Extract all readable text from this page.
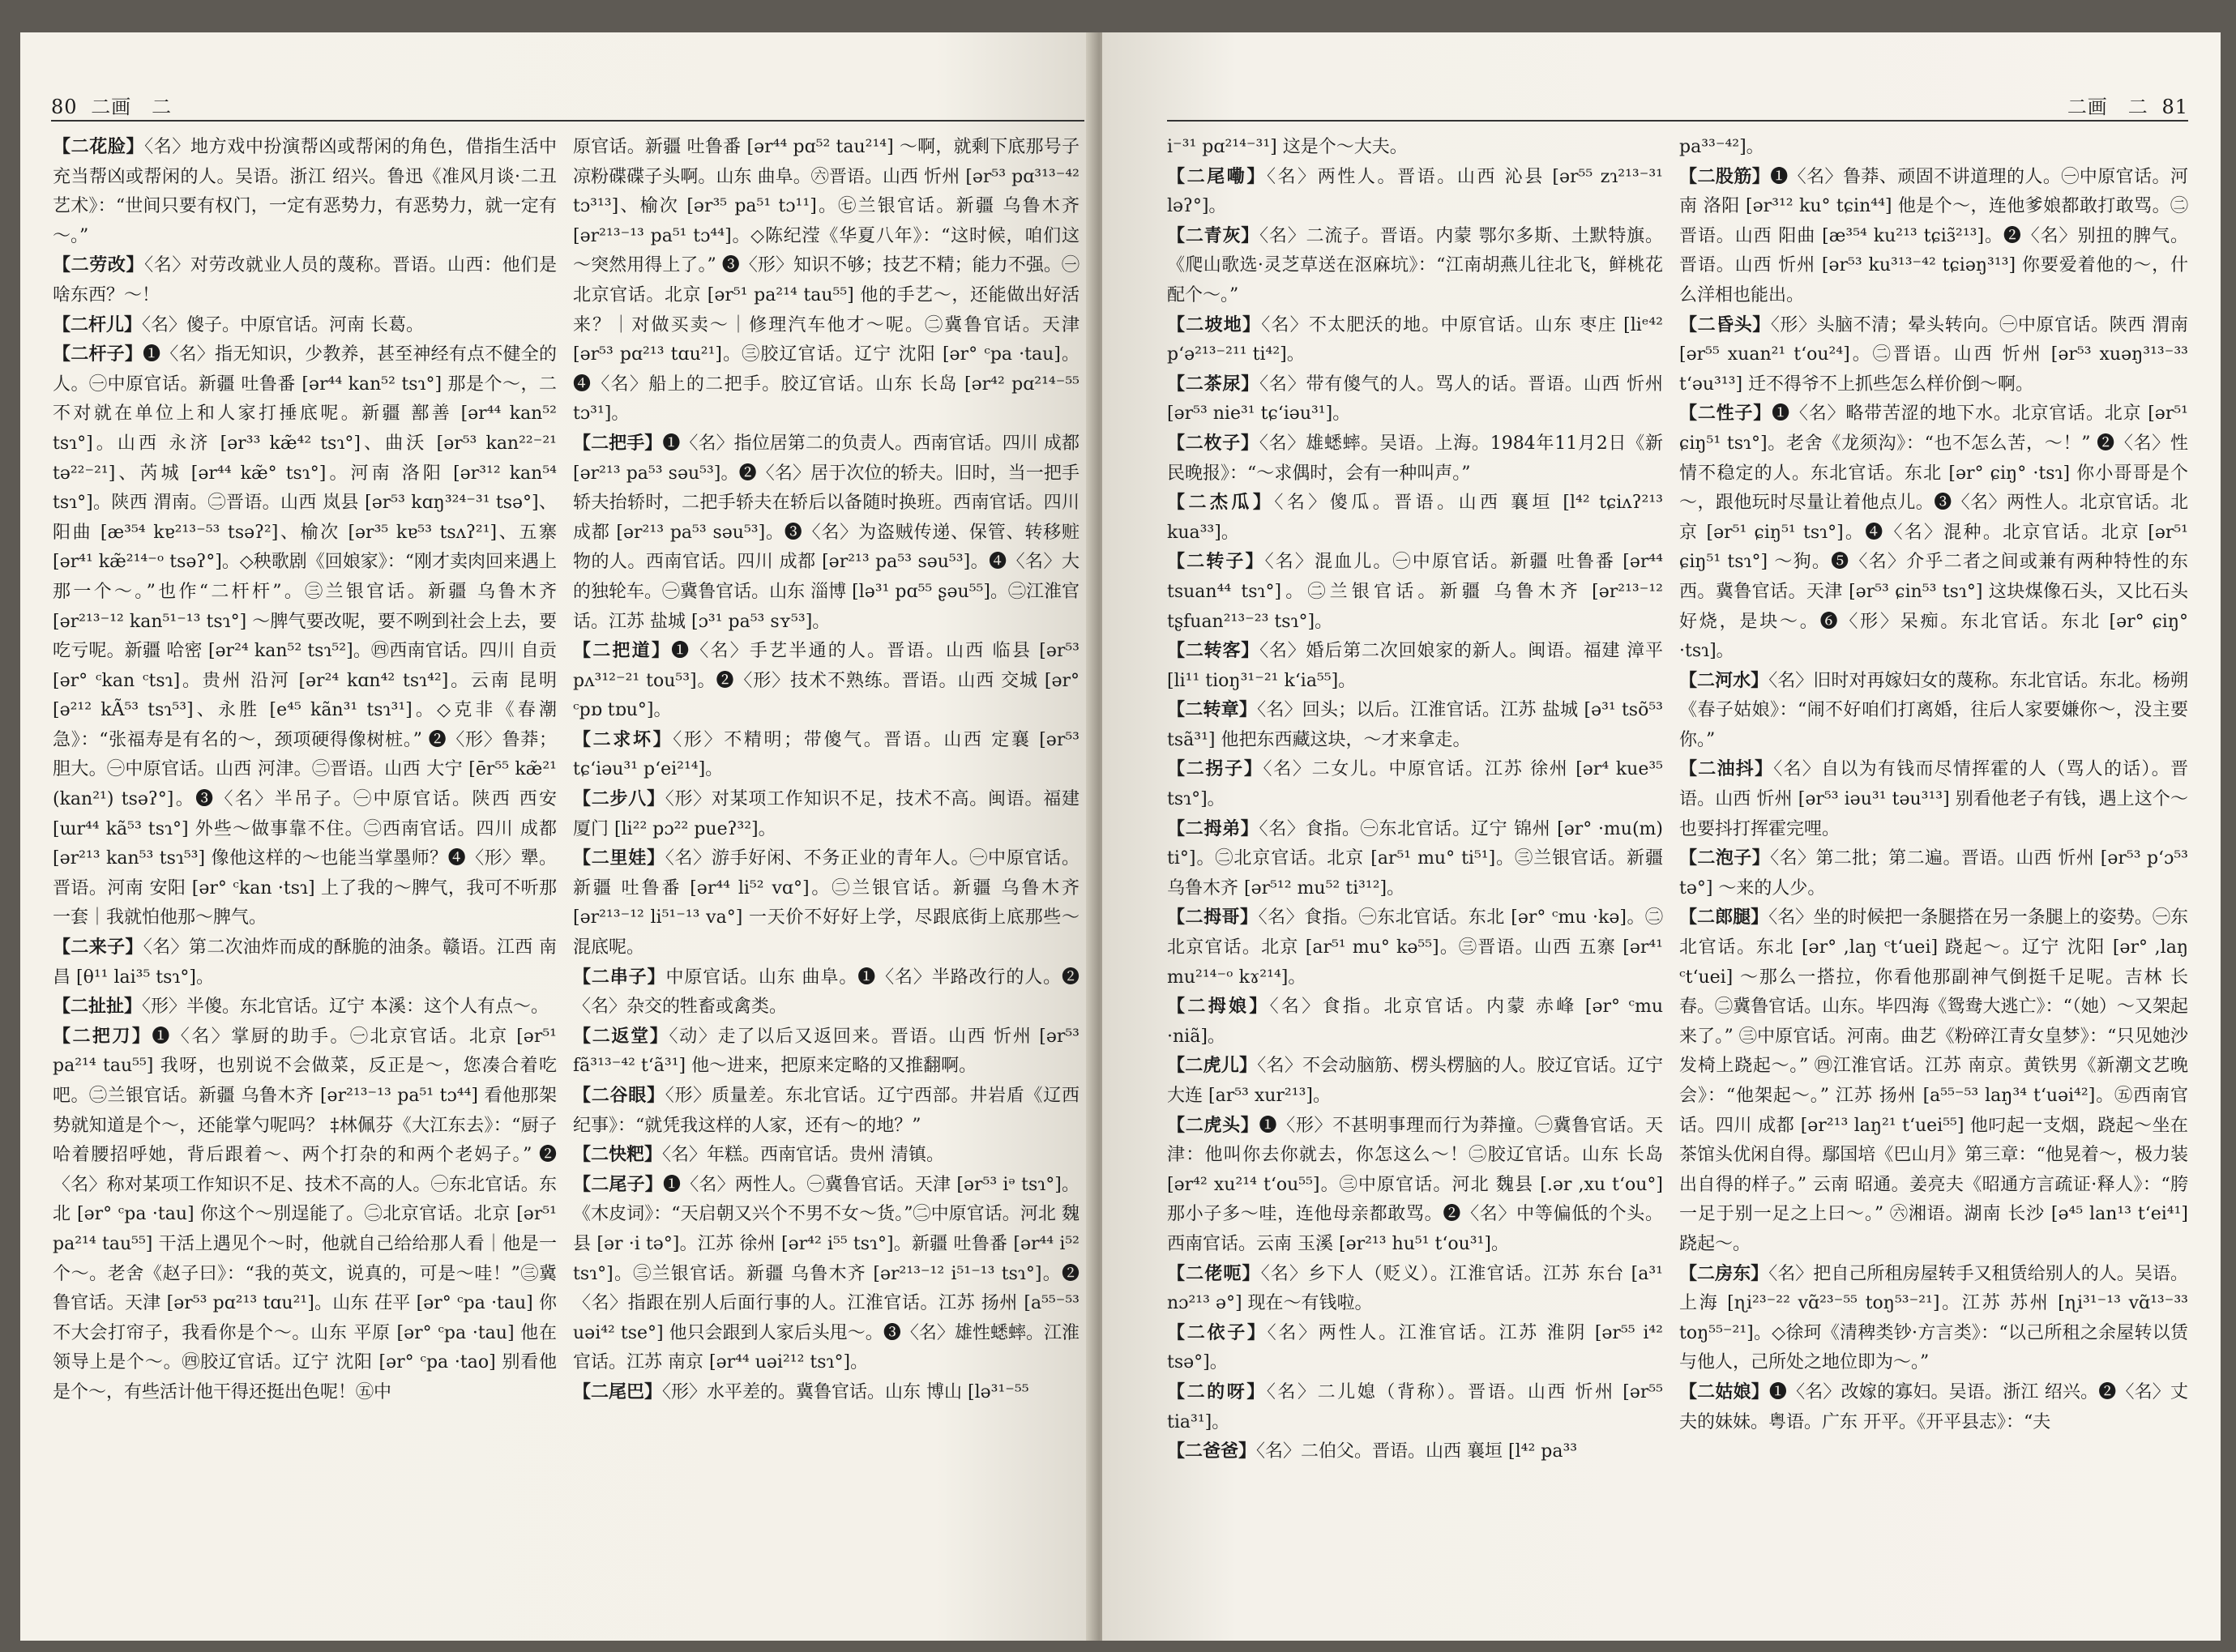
80 二画　二

【二花脸】〈名〉地方戏中扮演帮凶或帮闲的角色，借指生活中充当帮凶或帮闲的人。吴语。浙江 绍兴。鲁迅《准风月谈·二丑艺术》：“世间只要有权门，一定有恶势力，有恶势力，就一定有～。”

【二劳改】〈名〉对劳改就业人员的蔑称。晋语。山西：他们是啥东西？～！

【二杆儿】〈名〉傻子。中原官话。河南 长葛。

【二杆子】❶〈名〉指无知识，少教养，甚至神经有点不健全的人。㊀中原官话。新疆 吐鲁番 [ər⁴⁴ kan⁵² tsɿ°] 那是个～，二不对就在单位上和人家打捶底呢。新疆 鄯善 [ər⁴⁴ kan⁵² tsɿ°]。山西 永济 [ər³³ kæ̃⁴² tsɿ°]、曲沃 [ər⁵³ kan²²⁻²¹ tə²²⁻²¹]、芮城 [ər⁴⁴ kæ̃° tsɿ°]。河南 洛阳 [ər³¹² kan⁵⁴ tsɿ°]。陕西 渭南。㊁晋语。山西 岚县 [ər⁵³ kɑŋ³²⁴⁻³¹ tsə°]、阳曲 [æ³⁵⁴ kɐ²¹³⁻⁵³ tsəʔ²]、榆次 [ər³⁵ kɐ⁵³ tsʌʔ²¹]、五寨 [ər⁴¹ kæ̃²¹⁴⁻ᵒ tsəʔ°]。◇秧歌剧《回娘家》：“刚才卖肉回来遇上那一个～。”也作“二杆杆”。㊂兰银官话。新疆 乌鲁木齐 [ər²¹³⁻¹² kan⁵¹⁻¹³ tsɿ°] ～脾气要改呢，要不咧到社会上去，要吃亏呢。新疆 哈密 [ər²⁴ kan⁵² tsɿ⁵²]。㊃西南官话。四川 自贡 [ər° ᶜkan ᶜtsɿ]。贵州 沿河 [ər²⁴ kɑn⁴² tsɿ⁴²]。云南 昆明 [ə²¹² kÃ⁵³ tsɿ⁵³]、永胜 [e⁴⁵ kãn³¹ tsɿ³¹]。◇克非《春潮急》：“张福寿是有名的～，颈项硬得像树桩。” ❷〈形〉鲁莽；胆大。㊀中原官话。山西 河津。㊁晋语。山西 大宁 [ēr⁵⁵ kæ̃²¹ (kan²¹) tsəʔ°]。❸〈名〉半吊子。㊀中原官话。陕西 西安 [ɯr⁴⁴ kã⁵³ tsɿ°] 外些～做事靠不住。㊁西南官话。四川 成都 [ər²¹³ kan⁵³ tsɿ⁵³] 像他这样的～也能当掌墨师？❹〈形〉犟。晋语。河南 安阳 [ər° ᶜkan ·tsɿ] 上了我的～脾气，我可不听那一套｜我就怕他那～脾气。

【二来子】〈名〉第二次油炸而成的酥脆的油条。赣语。江西 南昌 [θ¹¹ lai³⁵ tsɿ°]。

【二扯扯】〈形〉半傻。东北官话。辽宁 本溪：这个人有点～。

【二把刀】❶〈名〉掌厨的助手。㊀北京官话。北京 [ər⁵¹ pa²¹⁴ tau⁵⁵] 我呀，也别说不会做菜，反正是～，您凑合着吃吧。㊁兰银官话。新疆 乌鲁木齐 [ər²¹³⁻¹³ pa⁵¹ tɔ⁴⁴] 看他那架势就知道是个～，还能掌勺呢吗？ ‡林佩芬《大江东去》：“厨子哈着腰招呼她，背后跟着～、两个打杂的和两个老妈子。” ❷〈名〉称对某项工作知识不足、技术不高的人。㊀东北官话。东北 [ər° ᶜpa ·tau] 你这个～別逞能了。㊁北京官话。北京 [ər⁵¹ pa²¹⁴ tau⁵⁵] 干活上遇见个～时，他就自己给给那人看｜他是一个～。老舍《赵子曰》：“我的英文，说真的，可是～哇！”㊂冀鲁官话。天津 [ər⁵³ pɑ²¹³ tɑu²¹]。山东 茌平 [ər° ᶜpa ·tau] 你不大会打帘子，我看你是个～。山东 平原 [ər° ᶜpa ·tau] 他在领导上是个～。㊃胶辽官话。辽宁 沈阳 [ər° ᶜpa ·tao] 别看他是个～，有些活计他干得还挺出色呢！㊄中

原官话。新疆 吐鲁番 [ər⁴⁴ pɑ⁵² tau²¹⁴] ～啊，就剩下底那号子凉粉碟碟子头啊。山东 曲阜。㊅晋语。山西 忻州 [ər⁵³ pɑ³¹³⁻⁴² tɔ³¹³]、榆次 [ər³⁵ pa⁵¹ tɔ¹¹]。㊆兰银官话。新疆 乌鲁木齐 [ər²¹³⁻¹³ pa⁵¹ tɔ⁴⁴]。◇陈纪滢《华夏八年》：“这时候，咱们这～突然用得上了。” ❸〈形〉知识不够；技艺不精；能力不强。㊀北京官话。北京 [ər⁵¹ pa²¹⁴ tau⁵⁵] 他的手艺～，还能做出好活来？｜对做买卖～｜修理汽车他才～呢。㊁冀鲁官话。天津 [ər⁵³ pɑ²¹³ tɑu²¹]。㊂胶辽官话。辽宁 沈阳 [ər° ᶜpa ·tau]。❹〈名〉船上的二把手。胶辽官话。山东 长岛 [ər⁴² pɑ²¹⁴⁻⁵⁵ tɔ³¹]。

【二把手】❶〈名〉指位居第二的负责人。西南官话。四川 成都 [ər²¹³ pa⁵³ səu⁵³]。❷〈名〉居于次位的轿夫。旧时，当一把手轿夫抬轿时，二把手轿夫在轿后以备随时换班。西南官话。四川 成都 [ər²¹³ pa⁵³ səu⁵³]。❸〈名〉为盗贼传递、保管、转移赃物的人。西南官话。四川 成都 [ər²¹³ pa⁵³ səu⁵³]。❹〈名〉大的独轮车。㊀冀鲁官话。山东 淄博 [lə³¹ pɑ⁵⁵ ʂəu⁵⁵]。㊁江淮官话。江苏 盐城 [ɔ³¹ pa⁵³ sʏ⁵³]。

【二把道】❶〈名〉手艺半通的人。晋语。山西 临县 [ər⁵³ pʌ³¹²⁻²¹ tou⁵³]。❷〈形〉技术不熟练。晋语。山西 交城 [ər° ᶜpɒ tɒu°]。

【二求坏】〈形〉不精明；带傻气。晋语。山西 定襄 [ər⁵³ tɕʻiəu³¹ pʻei²¹⁴]。

【二步八】〈形〉对某项工作知识不足，技术不高。闽语。福建 厦门 [li²² pɔ²² pueʔ³²]。

【二里娃】〈名〉游手好闲、不务正业的青年人。㊀中原官话。新疆 吐鲁番 [ər⁴⁴ li⁵² vɑ°]。㊁兰银官话。新疆 乌鲁木齐 [ər²¹³⁻¹² li⁵¹⁻¹³ va°] 一天价不好好上学，尽跟底街上底那些～混底呢。

【二串子】中原官话。山东 曲阜。❶〈名〉半路改行的人。❷〈名〉杂交的牲畜或禽类。

【二返堂】〈动〉走了以后又返回来。晋语。山西 忻州 [ər⁵³ fã³¹³⁻⁴² tʻã³¹] 他～进来，把原来定略的又推翻啊。

【二谷眼】〈形〉质量差。东北官话。辽宁西部。井岩盾《辽西纪事》：“就凭我这样的人家，还有～的地？”

【二快粑】〈名〉年糕。西南官话。贵州 清镇。

【二尾子】❶〈名〉两性人。㊀冀鲁官话。天津 [ər⁵³ iᵊ tsɿ°]。《木皮词》：“天启朝又兴个不男不女～货。”㊁中原官话。河北 魏县 [ər ·i tə°]。江苏 徐州 [ər⁴² i⁵⁵ tsɿ°]。新疆 吐鲁番 [ər⁴⁴ i⁵² tsɿ°]。㊂兰银官话。新疆 乌鲁木齐 [ər²¹³⁻¹² i⁵¹⁻¹³ tsɿ°]。❷〈名〉指跟在别人后面行事的人。江淮官话。江苏 扬州 [a⁵⁵⁻⁵³ uəi⁴² tse°] 他只会跟到人家后头甩～。❸〈名〉雄性蟋蟀。江淮官话。江苏 南京 [ər⁴⁴ uəi²¹² tsɿ°]。

【二尾巴】〈形〉水平差的。冀鲁官话。山东 博山 [lə³¹⁻⁵⁵

二画　二 81

i⁻³¹ pɑ²¹⁴⁻³¹] 这是个～大夫。

【二尾嘞】〈名〉两性人。晋语。山西 沁县 [ər⁵⁵ zɿ²¹³⁻³¹ ləʔ°]。

【二青灰】〈名〉二流子。晋语。内蒙 鄂尔多斯、土默特旗。《爬山歌选·灵芝草送在沤麻坑》：“江南胡燕儿往北飞，鲜桃花配个～。”

【二坡地】〈名〉不太肥沃的地。中原官话。山东 枣庄 [liᵉ⁴² pʻə²¹³⁻²¹¹ ti⁴²]。

【二茶尿】〈名〉带有傻气的人。骂人的话。晋语。山西 忻州 [ər⁵³ nie³¹ tɕʻiəu³¹]。

【二枚子】〈名〉雄蟋蟀。吴语。上海。1984年11月2日《新民晚报》：“～求偶时，会有一种叫声。”

【二杰瓜】〈名〉傻瓜。晋语。山西 襄垣 [l⁴² tɕiʌʔ²¹³ kua³³]。

【二转子】〈名〉混血儿。㊀中原官话。新疆 吐鲁番 [ər⁴⁴ tsuan⁴⁴ tsɿ°]。㊁兰银官话。新疆 乌鲁木齐 [ər²¹³⁻¹² tʂfuan²¹³⁻²³ tsɿ°]。

【二转客】〈名〉婚后第二次回娘家的新人。闽语。福建 漳平 [li¹¹ tioŋ³¹⁻²¹ kʻia⁵⁵]。

【二转章】〈名〉回头；以后。江淮官话。江苏 盐城 [ə³¹ tsõ⁵³ tsã³¹] 他把东西藏这块，～才来拿走。

【二拐子】〈名〉二女儿。中原官话。江苏 徐州 [ər⁴ kue³⁵ tsɿ°]。

【二拇弟】〈名〉食指。㊀东北官话。辽宁 锦州 [ər° ·mu(m) ti°]。㊁北京官话。北京 [ar⁵¹ mu° ti⁵¹]。㊂兰银官话。新疆 乌鲁木齐 [ər⁵¹² mu⁵² ti³¹²]。

【二拇哥】〈名〉食指。㊀东北官话。东北 [ər° ᶜmu ·kə]。㊁北京官话。北京 [ar⁵¹ mu° kə⁵⁵]。㊂晋语。山西 五寨 [ər⁴¹ mu²¹⁴⁻ᵒ kɤ²¹⁴]。

【二拇娘】〈名〉食指。北京官话。内蒙 赤峰 [ər° ᶜmu ·niã]。

【二虎儿】〈名〉不会动脑筋、楞头楞脑的人。胶辽官话。辽宁 大连 [ar⁵³ xur²¹³]。

【二虎头】❶〈形〉不甚明事理而行为莽撞。㊀冀鲁官话。天津：他叫你去你就去，你怎这么～！㊁胶辽官话。山东 长岛 [ər⁴² xu²¹⁴ tʻou⁵⁵]。㊂中原官话。河北 魏县 [.ər ,xu tʻou°] 那小子多～哇，连他母亲都敢骂。❷〈名〉中等偏低的个头。西南官话。云南 玉溪 [ər²¹³ hu⁵¹ tʻou³¹]。

【二佬呃】〈名〉乡下人（贬义）。江淮官话。江苏 东台 [a³¹ nɔ²¹³ ə°] 现在～有钱啦。

【二依子】〈名〉两性人。江淮官话。江苏 淮阴 [ər⁵⁵ i⁴² tsə°]。

【二的呀】〈名〉二儿媳（背称）。晋语。山西 忻州 [ər⁵⁵ tia³¹]。

【二爸爸】〈名〉二伯父。晋语。山西 襄垣 [l⁴² pa³³

pa³³⁻⁴²]。

【二股筋】❶〈名〉鲁莽、顽固不讲道理的人。㊀中原官话。河南 洛阳 [ər³¹² ku° tɕin⁴⁴] 他是个～，连他爹娘都敢打敢骂。㊁晋语。山西 阳曲 [æ³⁵⁴ ku²¹³ tɕiɜ̃²¹³]。❷〈名〉别扭的脾气。晋语。山西 忻州 [ər⁵³ ku³¹³⁻⁴² tɕiəŋ³¹³] 你要爱着他的～，什么洋相也能出。

【二昏头】〈形〉头脑不清；晕头转向。㊀中原官话。陕西 渭南 [ər⁵⁵ xuan²¹ tʻou²⁴]。㊁晋语。山西 忻州 [ər⁵³ xuəŋ³¹³⁻³³ tʻəu³¹³] 迁不得爷不上抓些怎么样价倒～啊。

【二性子】❶〈名〉略带苦涩的地下水。北京官话。北京 [ər⁵¹ ɕiŋ⁵¹ tsɿ°]。老舍《龙须沟》：“也不怎么苦，～！” ❷〈名〉性情不稳定的人。东北官话。东北 [ər° ɕiŋ° ·tsɿ] 你小哥哥是个～，跟他玩时尽量让着他点儿。❸〈名〉两性人。北京官话。北京 [ər⁵¹ ɕiŋ⁵¹ tsɿ°]。❹〈名〉混种。北京官话。北京 [ər⁵¹ ɕiŋ⁵¹ tsɿ°] ～狗。❺〈名〉介乎二者之间或兼有两种特性的东西。冀鲁官话。天津 [ər⁵³ ɕin⁵³ tsɿ°] 这块煤像石头，又比石头好烧，是块～。❻〈形〉呆痴。东北官话。东北 [ər° ɕiŋ° ·tsɿ]。

【二河水】〈名〉旧时对再嫁妇女的蔑称。东北官话。东北。杨朔《春子姑娘》：“闹不好咱们打离婚，往后人家要嫌你～，没主要你。”

【二油抖】〈名〉自以为有钱而尽情挥霍的人（骂人的话）。晋语。山西 忻州 [ər⁵³ iəu³¹ təu³¹³] 别看他老子有钱，遇上这个～也要抖打挥霍完哩。

【二泡子】〈名〉第二批；第二遍。晋语。山西 忻州 [ər⁵³ pʻɔ⁵³ tə°] ～来的人少。

【二郎腿】〈名〉坐的时候把一条腿搭在另一条腿上的姿势。㊀东北官话。东北 [ər° ,laŋ ᶜtʻuei] 跷起～。辽宁 沈阳 [ər° ,laŋ ᶜtʻuei] ～那么一搭拉，你看他那副神气倒挺千足呢。吉林 长春。㊁冀鲁官话。山东。毕四海《鸳鸯大逃亡》：“（她）～又架起来了。” ㊂中原官话。河南。曲艺《粉碎江青女皇梦》：“只见她沙发椅上跷起～。” ㊃江淮官话。江苏 南京。黄铁男《新潮文艺晚会》：“他架起～。” 江苏 扬州 [a⁵⁵⁻⁵³ laŋ³⁴ tʻuəi⁴²]。㊄西南官话。四川 成都 [ər²¹³ laŋ²¹ tʻuei⁵⁵] 他叼起一支烟，跷起～坐在茶馆头优闲自得。鄢国培《巴山月》第三章：“他晃着～，极力装出自得的样子。” 云南 昭通。姜亮夫《昭通方言疏证·释人》：“胯一足于别一足之上曰～。” ㊅湘语。湖南 长沙 [ə⁴⁵ lan¹³ tʻei⁴¹] 跷起～。

【二房东】〈名〉把自己所租房屋转手又租赁给别人的人。吴语。上海 [ɳi²³⁻²² vɑ̃²³⁻⁵⁵ toŋ⁵³⁻²¹]。江苏 苏州 [ɳi³¹⁻¹³ vɑ̃¹³⁻³³ toŋ⁵⁵⁻²¹]。◇徐珂《清稗类钞·方言类》：“以己所租之余屋转以赁与他人，己所处之地位即为～。”

【二姑娘】❶〈名〉改嫁的寡妇。吴语。浙江 绍兴。❷〈名〉丈夫的妹妹。粤语。广东 开平。《开平县志》：“夫
